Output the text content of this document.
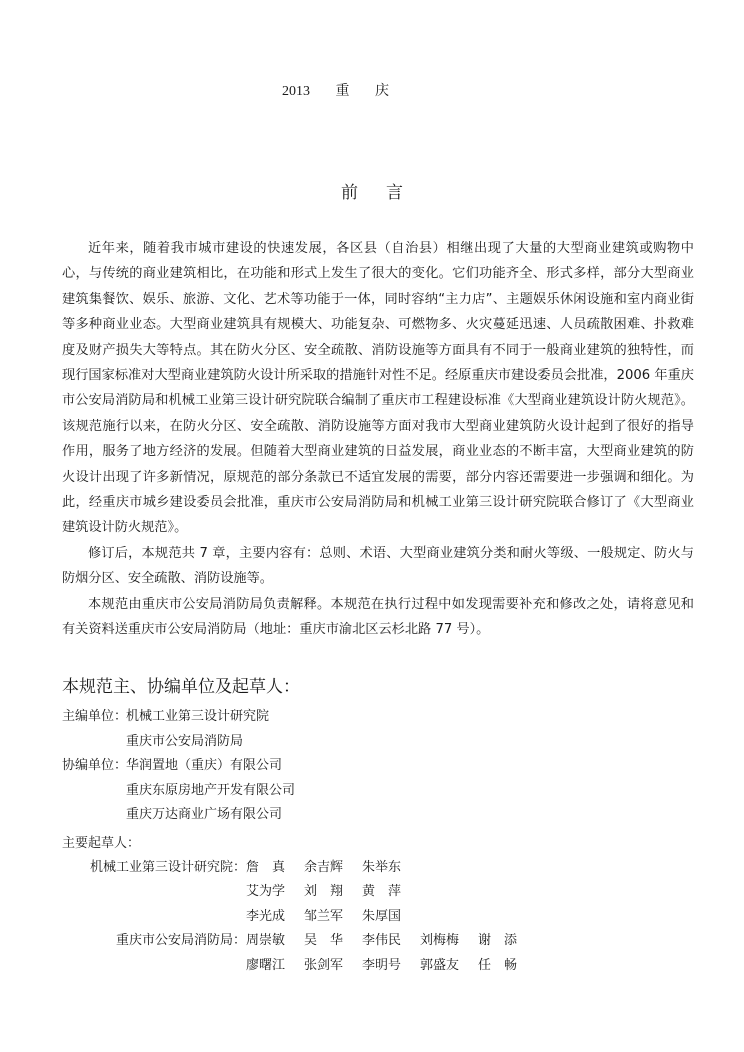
2013 重 庆
前言

近年来，随着我市城市建设的快速发展，各区县（自治县）相继出现了大量的大型商业建筑或购物中心，与传统的商业建筑相比，在功能和形式上发生了很大的变化。它们功能齐全、形式多样，部分大型商业建筑集餐饮、娱乐、旅游、文化、艺术等功能于一体，同时容纳“主力店”、主题娱乐休闲设施和室内商业街等多种商业业态。大型商业建筑具有规模大、功能复杂、可燃物多、火灾蔓延迅速、人员疏散困难、扑救难度及财产损失大等特点。其在防火分区、安全疏散、消防设施等方面具有不同于一般商业建筑的独特性，而现行国家标准对大型商业建筑防火设计所采取的措施针对性不足。经原重庆市建设委员会批准，2006 年重庆市公安局消防局和机械工业第三设计研究院联合编制了重庆市工程建设标准《大型商业建筑设计防火规范》。该规范施行以来，在防火分区、安全疏散、消防设施等方面对我市大型商业建筑防火设计起到了很好的指导作用，服务了地方经济的发展。但随着大型商业建筑的日益发展，商业业态的不断丰富，大型商业建筑的防火设计出现了许多新情况，原规范的部分条款已不适宜发展的需要，部分内容还需要进一步强调和细化。为此，经重庆市城乡建设委员会批准，重庆市公安局消防局和机械工业第三设计研究院联合修订了《大型商业建筑设计防火规范》。

修订后，本规范共 7 章，主要内容有：总则、术语、大型商业建筑分类和耐火等级、一般规定、防火与防烟分区、安全疏散、消防设施等。

本规范由重庆市公安局消防局负责解释。本规范在执行过程中如发现需要补充和修改之处，请将意见和有关资料送重庆市公安局消防局（地址：重庆市渝北区云杉北路 77 号）。

本规范主、协编单位及起草人：
主编单位：
机械工业第三设计研究院
重庆市公安局消防局
协编单位：
华润置地（重庆）有限公司
重庆东原房地产开发有限公司
重庆万达商业广场有限公司
主要起草人：
机械工业第三设计研究院： 詹　真	余吉辉	朱举东
艾为学	刘　翔	黄　萍
李光成	邹兰军	朱厚国
重庆市公安局消防局： 周崇敏	吴　华	李伟民	刘梅梅	谢　添
廖曙江	张剑军	李明号	郭盛友	任　畅
